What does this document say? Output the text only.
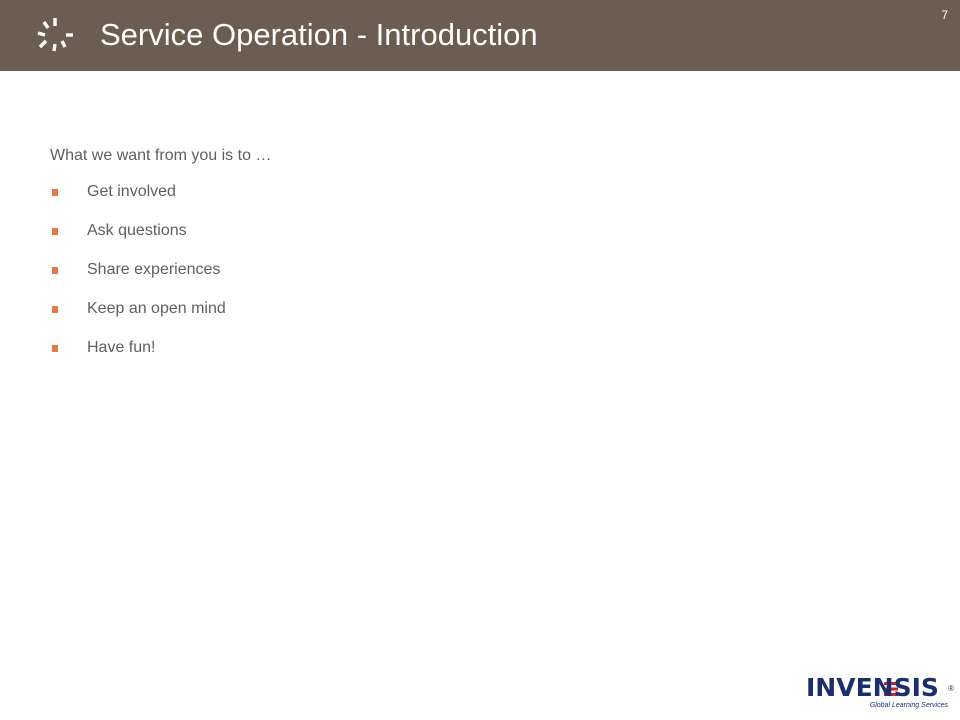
Service Operation - Introduction
7
What we want from you is to …
Get involved
Ask questions
Share experiences
Keep an open mind
Have fun!
INVENSIS ®
Global Learning Services
